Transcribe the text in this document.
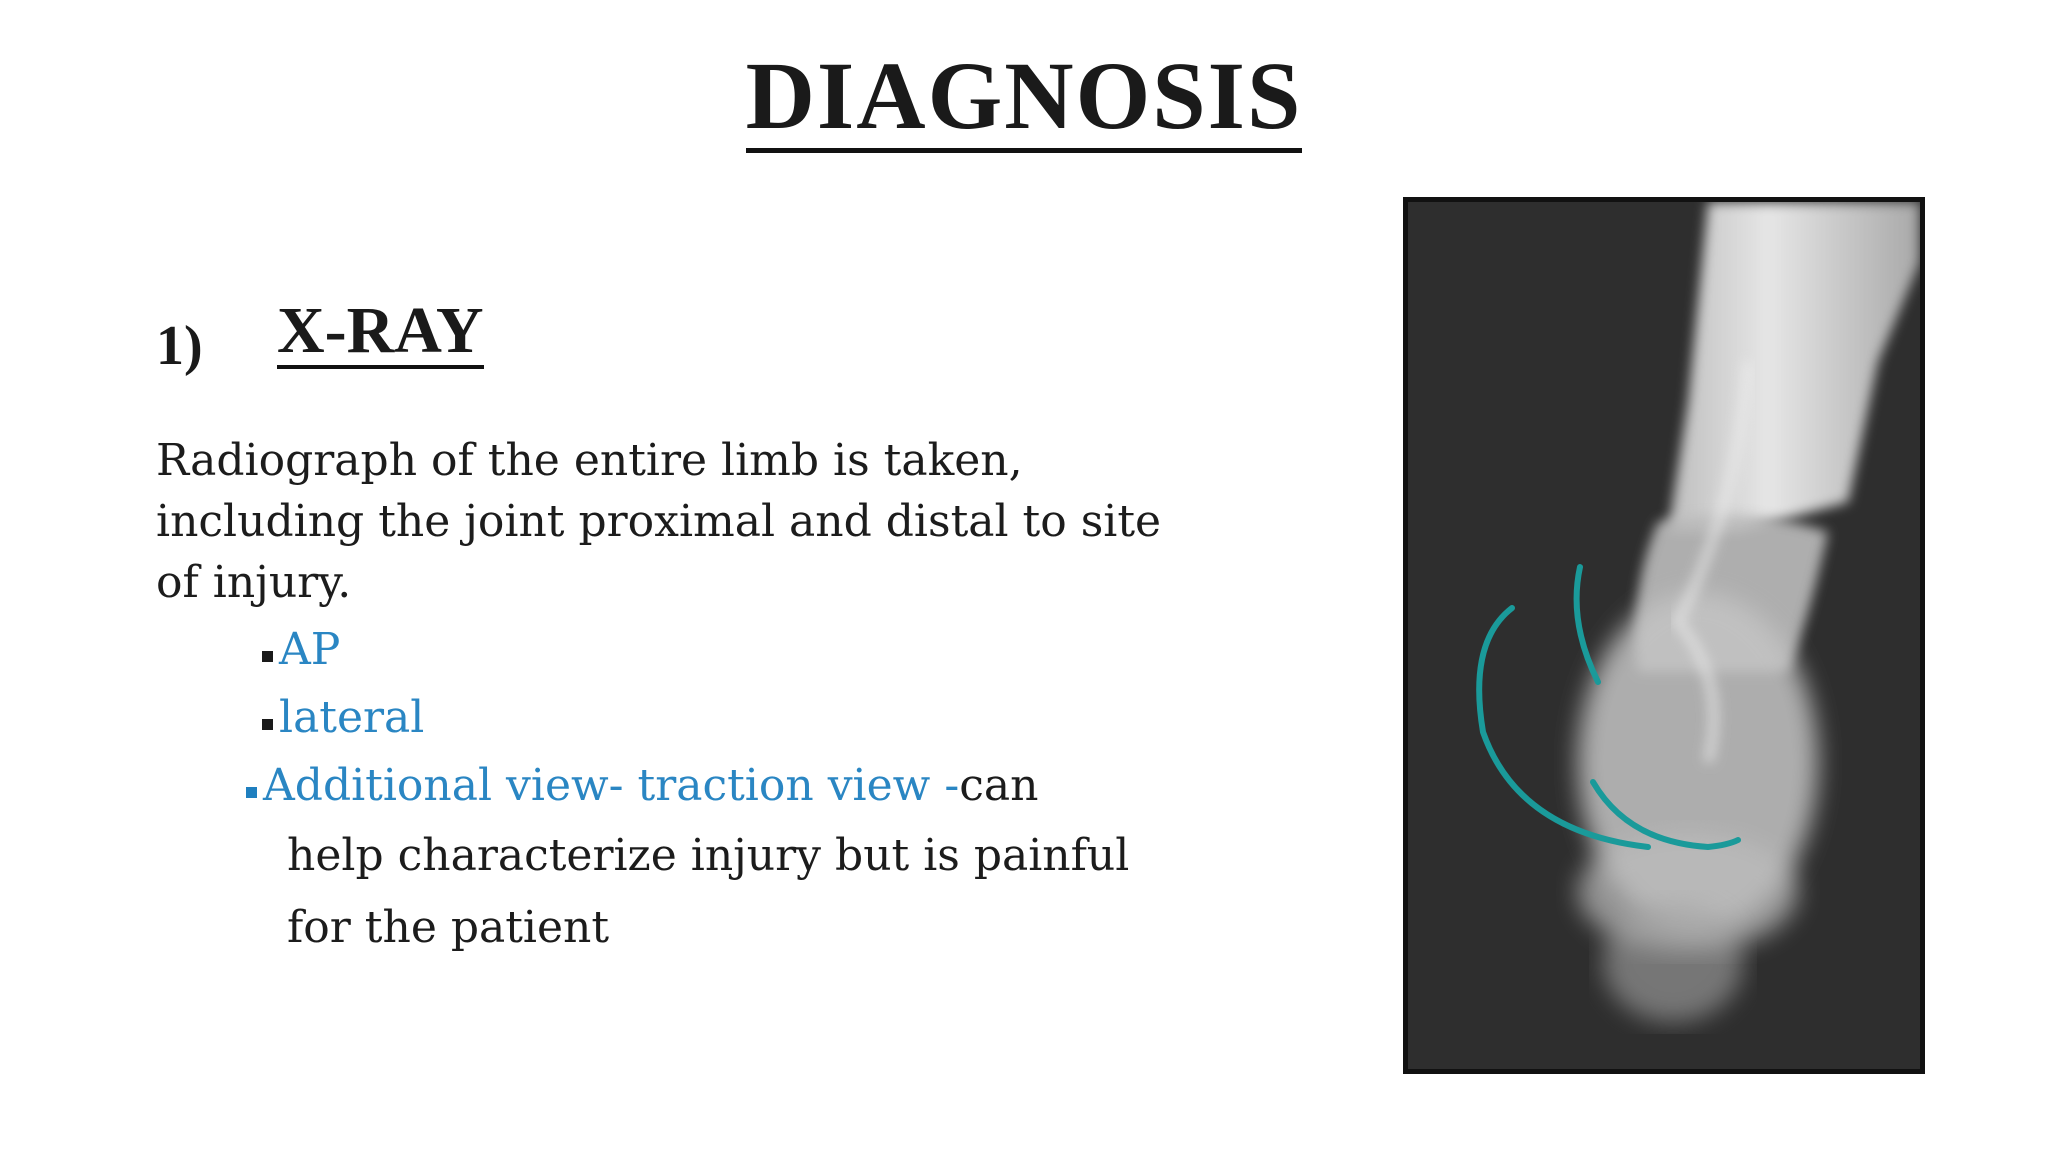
DIAGNOSIS
1) X-RAY
Radiograph of the entire limb is taken,
including the joint proximal and distal to site
of injury.
AP
lateral
Additional view- traction view -can
help characterize injury but is painful
for the patient
